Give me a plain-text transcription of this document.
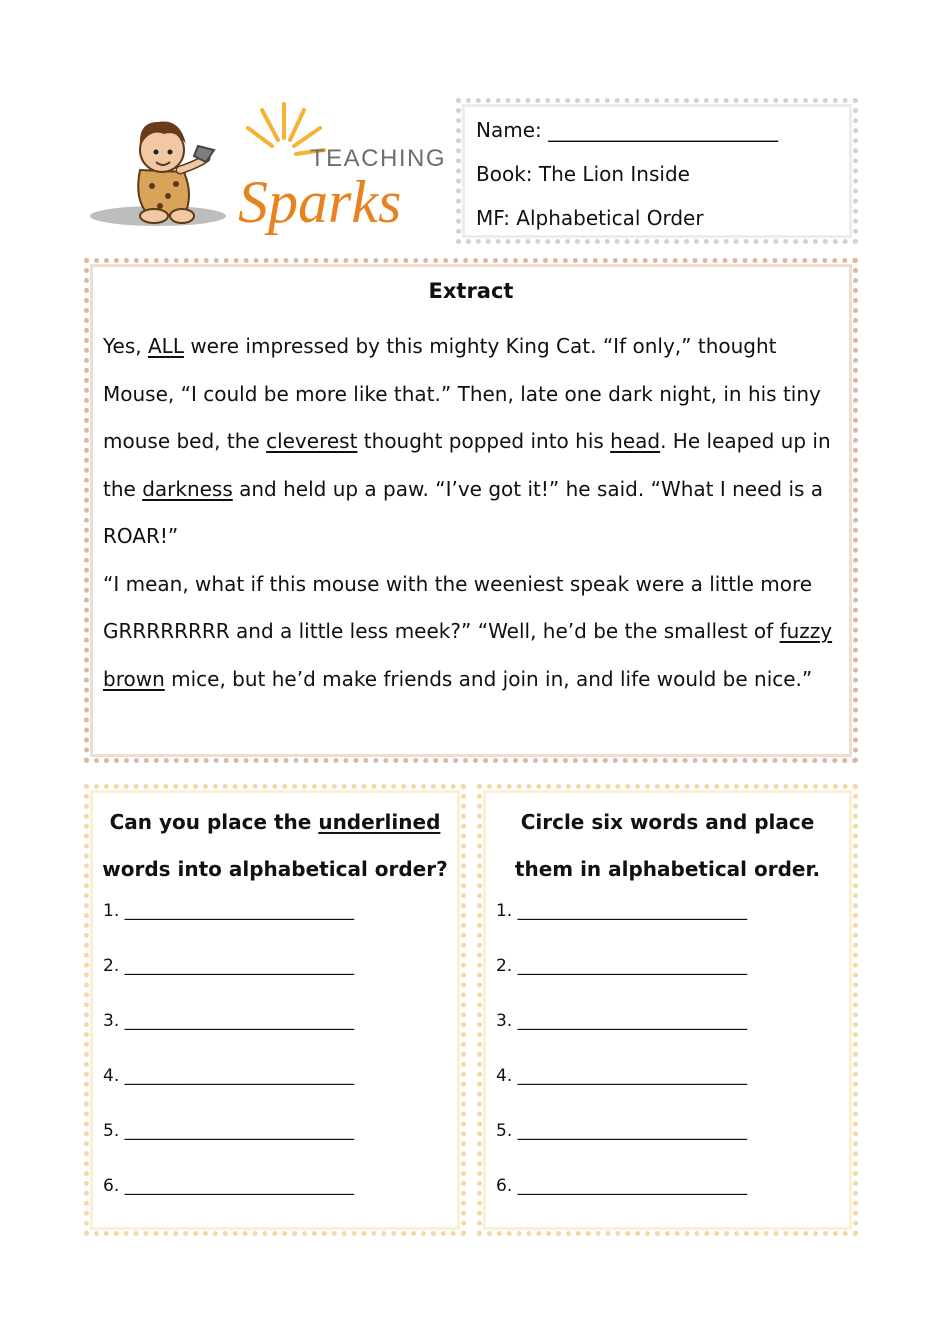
TEACHING
Sparks
Name: _______________________
Book: The Lion Inside
MF: Alphabetical Order
Extract

Yes, ALL were impressed by this mighty King Cat. “If only,” thought Mouse, “I could be more like that.” Then, late one dark night, in his tiny mouse bed, the cleverest thought popped into his head. He leaped up in the darkness and held up a paw. “I’ve got it!” he said. “What I need is a ROAR!”

“I mean, what if this mouse with the weeniest speak were a little more GRRRRRRRR and a little less meek?” “Well, he’d be the smallest of fuzzy brown mice, but he’d make friends and join in, and life would be nice.”

Can you place the underlined words into alphabetical order?
1. ___________________________
2. ___________________________
3. ___________________________
4. ___________________________
5. ___________________________
6. ___________________________
Circle six words and place them in alphabetical order.
1. ___________________________
2. ___________________________
3. ___________________________
4. ___________________________
5. ___________________________
6. ___________________________
